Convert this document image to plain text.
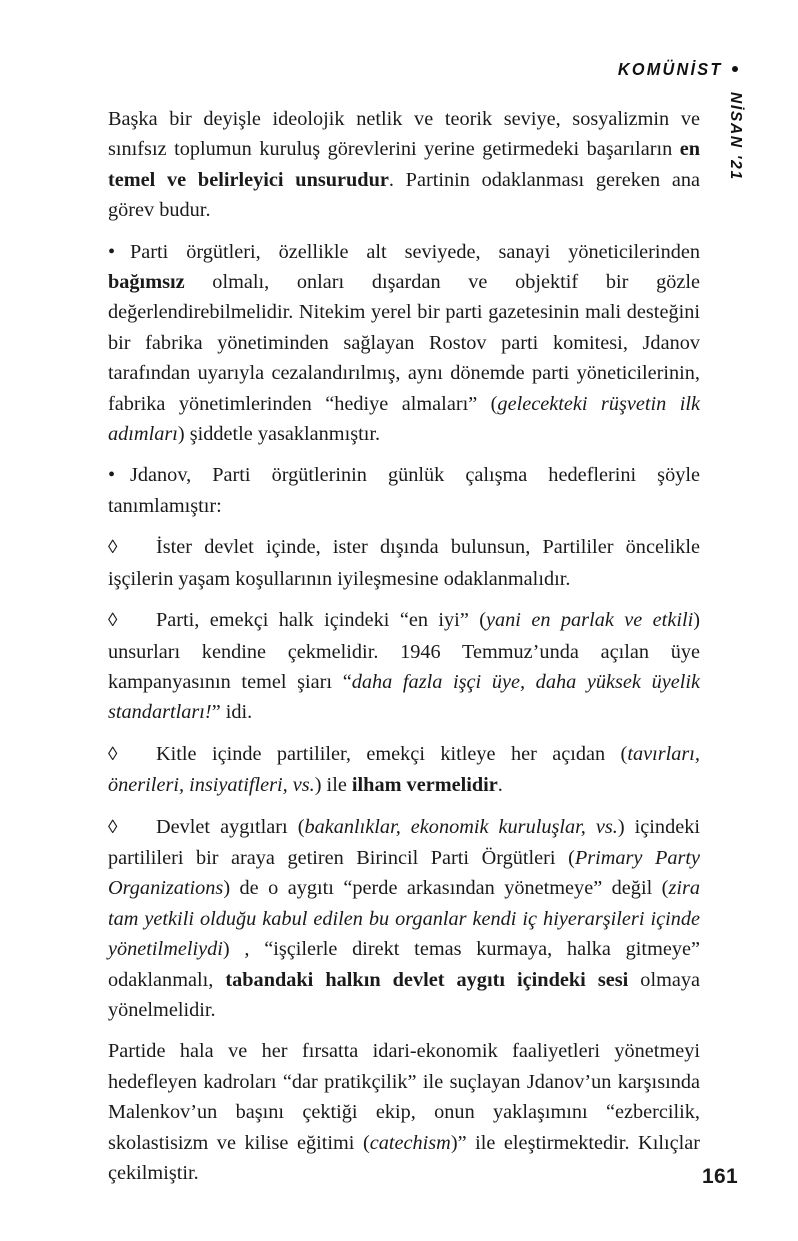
KOMÜNİST
NİSAN '21

Başka bir deyişle ideolojik netlik ve teorik seviye, sosyalizmin ve sınıfsız toplumun kuruluş görevlerini yerine getirmedeki başarıların en temel ve belirleyici unsurudur. Partinin odaklanması gereken ana görev budur.

• Parti örgütleri, özellikle alt seviyede, sanayi yöneticilerinden bağımsız olmalı, onları dışardan ve objektif bir gözle değerlendirebilmelidir. Nitekim yerel bir parti gazetesinin mali desteğini bir fabrika yönetiminden sağlayan Rostov parti komitesi, Jdanov tarafından uyarıyla cezalandırılmış, aynı dönemde parti yöneticilerinin, fabrika yönetimlerinden “hediye almaları” (gelecekteki rüşvetin ilk adımları) şiddetle yasaklanmıştır.

• Jdanov, Parti örgütlerinin günlük çalışma hedeflerini şöyle tanımlamıştır:

◊ İster devlet içinde, ister dışında bulunsun, Partililer öncelikle işçilerin yaşam koşullarının iyileşmesine odaklanmalıdır.

◊ Parti, emekçi halk içindeki “en iyi” (yani en parlak ve etkili) unsurları kendine çekmelidir. 1946 Temmuz’unda açılan üye kampanyasının temel şiarı “daha fazla işçi üye, daha yüksek üyelik standartları!” idi.

◊ Kitle içinde partililer, emekçi kitleye her açıdan (tavırları, önerileri, insiyatifleri, vs.) ile ilham vermelidir.

◊ Devlet aygıtları (bakanlıklar, ekonomik kuruluşlar, vs.) içindeki partilileri bir araya getiren Birincil Parti Örgütleri (Primary Party Organizations) de o aygıtı “perde arkasından yönetmeye” değil (zira tam yetkili olduğu kabul edilen bu organlar kendi iç hiyerarşileri içinde yönetilmeliydi) , “işçilerle direkt temas kurmaya, halka gitmeye” odaklanmalı, tabandaki halkın devlet aygıtı içindeki sesi olmaya yönelmelidir.

Partide hala ve her fırsatta idari-ekonomik faaliyetleri yönetmeyi hedefleyen kadroları “dar pratikçilik” ile suçlayan Jdanov’un karşısında Malenkov’un başını çektiği ekip, onun yaklaşımını “ezbercilik, skolastisizm ve kilise eğitimi (catechism)” ile eleştirmektedir. Kılıçlar çekilmiştir.	161
